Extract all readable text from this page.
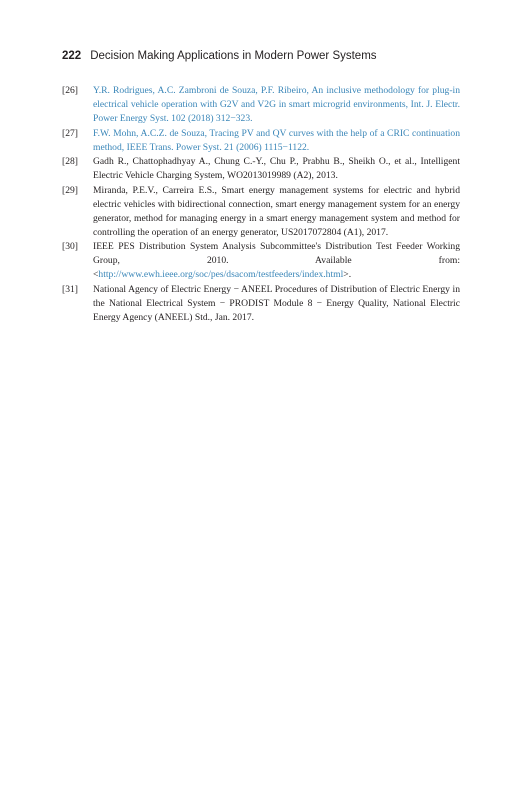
222 Decision Making Applications in Modern Power Systems
[26] Y.R. Rodrigues, A.C. Zambroni de Souza, P.F. Ribeiro, An inclusive methodology for plug-in electrical vehicle operation with G2V and V2G in smart microgrid environments, Int. J. Electr. Power Energy Syst. 102 (2018) 312−323.
[27] F.W. Mohn, A.C.Z. de Souza, Tracing PV and QV curves with the help of a CRIC continuation method, IEEE Trans. Power Syst. 21 (2006) 1115−1122.
[28] Gadh R., Chattophadhyay A., Chung C.-Y., Chu P., Prabhu B., Sheikh O., et al., Intelligent Electric Vehicle Charging System, WO2013019989 (A2), 2013.
[29] Miranda, P.E.V., Carreira E.S., Smart energy management systems for electric and hybrid electric vehicles with bidirectional connection, smart energy management system for an energy generator, method for managing energy in a smart energy management system and method for controlling the operation of an energy generator, US2017072804 (A1), 2017.
[30] IEEE PES Distribution System Analysis Subcommittee's Distribution Test Feeder Working Group, 2010. Available from: <http://www.ewh.ieee.org/soc/pes/dsacom/testfeeders/index.html>.
[31] National Agency of Electric Energy − ANEEL Procedures of Distribution of Electric Energy in the National Electrical System − PRODIST Module 8 − Energy Quality, National Electric Energy Agency (ANEEL) Std., Jan. 2017.
